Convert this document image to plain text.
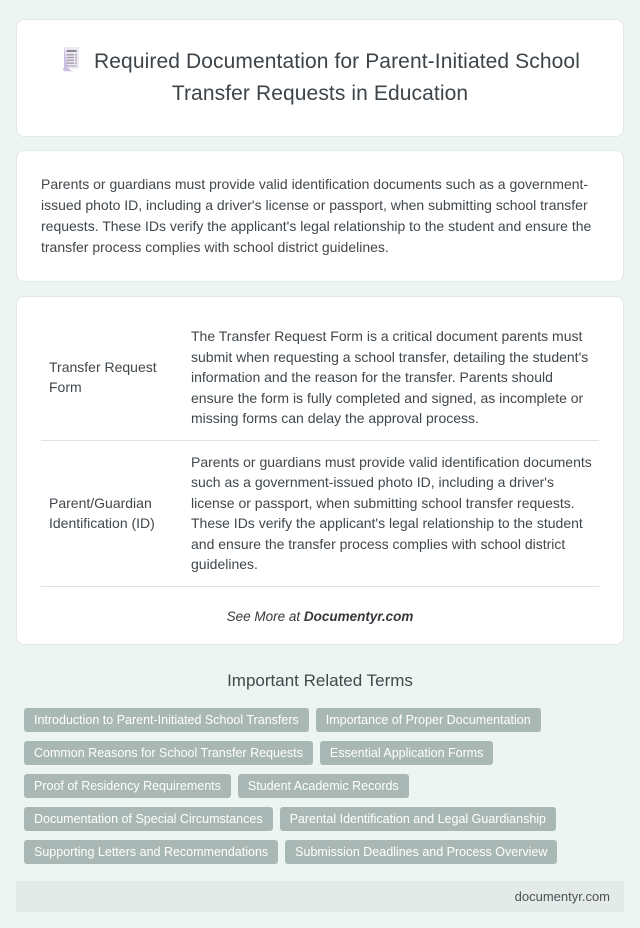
Required Documentation for Parent-Initiated School Transfer Requests in Education

Parents or guardians must provide valid identification documents such as a government-issued photo ID, including a driver's license or passport, when submitting school transfer requests. These IDs verify the applicant's legal relationship to the student and ensure the transfer process complies with school district guidelines.

Transfer Request Form	The Transfer Request Form is a critical document parents must submit when requesting a school transfer, detailing the student's information and the reason for the transfer. Parents should ensure the form is fully completed and signed, as incomplete or missing forms can delay the approval process.
Parent/Guardian Identification (ID)	Parents or guardians must provide valid identification documents such as a government-issued photo ID, including a driver's license or passport, when submitting school transfer requests. These IDs verify the applicant's legal relationship to the student and ensure the transfer process complies with school district guidelines.
See More at Documentyr.com
Important Related Terms
Introduction to Parent-Initiated School Transfers	Importance of Proper Documentation
Common Reasons for School Transfer Requests	Essential Application Forms
Proof of Residency Requirements	Student Academic Records
Documentation of Special Circumstances	Parental Identification and Legal Guardianship
Supporting Letters and Recommendations	Submission Deadlines and Process Overview
documentyr.com
